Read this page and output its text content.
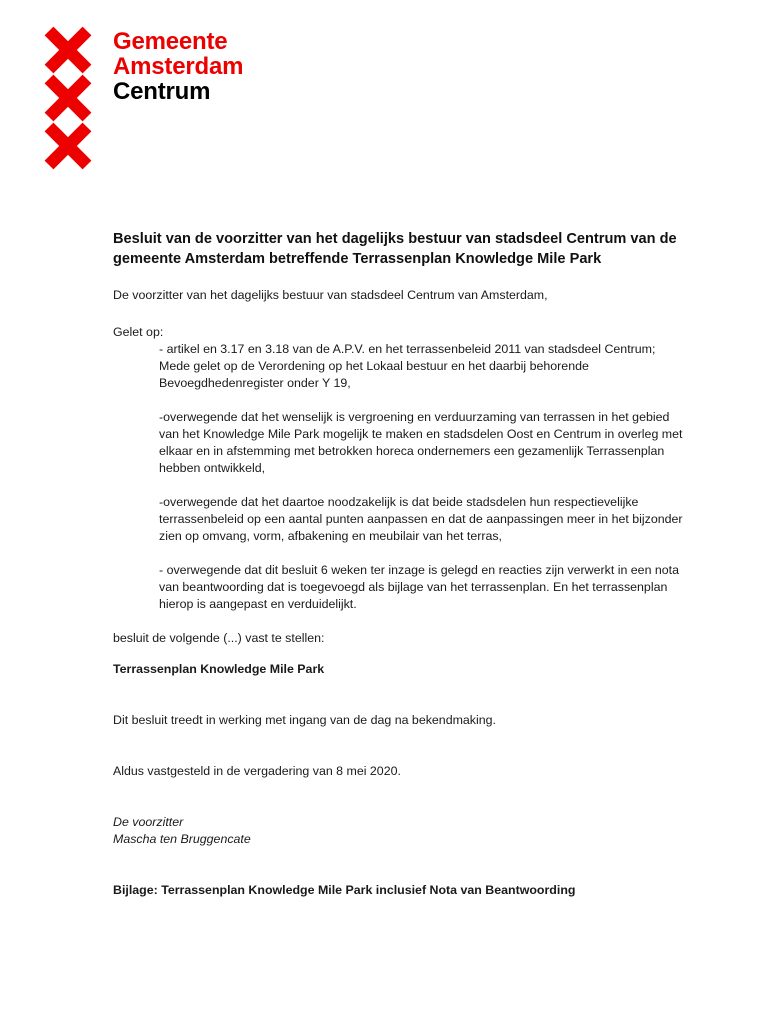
Gemeente
Amsterdam
Centrum

Besluit van de voorzitter van het dagelijks bestuur van stadsdeel Centrum van de gemeente Amsterdam betreffende Terrassenplan Knowledge Mile Park

De voorzitter van het dagelijks bestuur van stadsdeel Centrum van Amsterdam,

Gelet op:

- artikel en 3.17 en 3.18 van de A.P.V. en het terrassenbeleid 2011 van stadsdeel Centrum;

Mede gelet op de Verordening op het Lokaal bestuur en het daarbij behorende Bevoegdhedenregister onder Y 19,

-overwegende dat het wenselijk is vergroening en verduurzaming van terrassen in het gebied van het Knowledge Mile Park mogelijk te maken en stadsdelen Oost en Centrum in overleg met elkaar en in afstemming met betrokken horeca ondernemers een gezamenlijk Terrassenplan hebben ontwikkeld,

-overwegende dat het daartoe noodzakelijk is dat beide stadsdelen hun respectievelijke terrassenbeleid op een aantal punten aanpassen en dat de aanpassingen meer in het bijzonder zien op omvang, vorm, afbakening en meubilair van het terras,

- overwegende dat dit besluit 6 weken ter inzage is gelegd en reacties zijn verwerkt in een nota van beantwoording dat is toegevoegd als bijlage van het terrassenplan. En het terrassenplan hierop is aangepast en verduidelijkt.

besluit de volgende (...) vast te stellen:

Terrassenplan Knowledge Mile Park

Dit besluit treedt in werking met ingang van de dag na bekendmaking.

Aldus vastgesteld in de vergadering van 8 mei 2020.

De voorzitter

Mascha ten Bruggencate

Bijlage: Terrassenplan Knowledge Mile Park inclusief Nota van Beantwoording
